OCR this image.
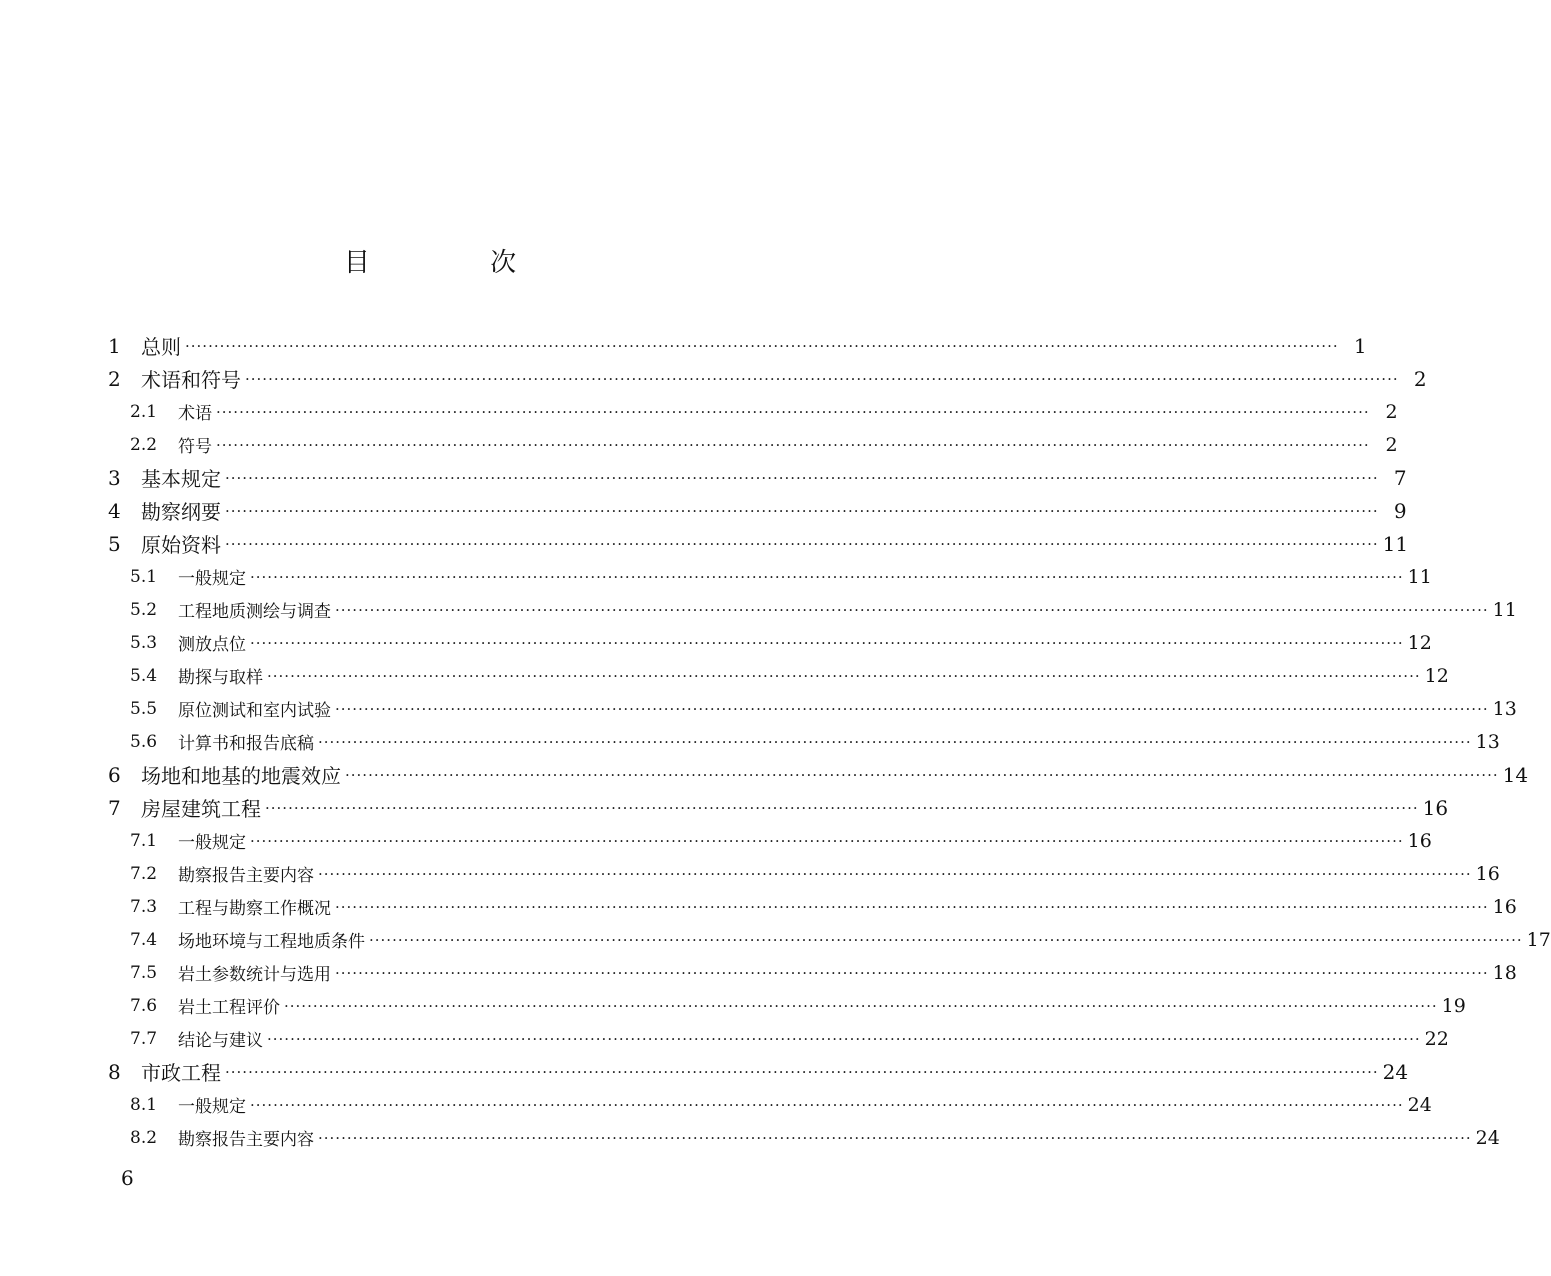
目 次
1	总则 ········································································································································································································ 1
2	术语和符号 ········································································································································································································ 2
2.1	术语 ········································································································································································································ 2
2.2	符号 ········································································································································································································ 2
3	基本规定 ········································································································································································································ 7
4	勘察纲要 ········································································································································································································ 9
5	原始资料 ········································································································································································································ 11
5.1	一般规定 ········································································································································································································ 11
5.2	工程地质测绘与调查 ········································································································································································································ 11
5.3	测放点位 ········································································································································································································ 12
5.4	勘探与取样 ········································································································································································································ 12
5.5	原位测试和室内试验 ········································································································································································································ 13
5.6	计算书和报告底稿 ········································································································································································································ 13
6	场地和地基的地震效应 ········································································································································································································ 14
7	房屋建筑工程 ········································································································································································································ 16
7.1	一般规定 ········································································································································································································ 16
7.2	勘察报告主要内容 ········································································································································································································ 16
7.3	工程与勘察工作概况 ········································································································································································································ 16
7.4	场地环境与工程地质条件 ········································································································································································································ 17
7.5	岩土参数统计与选用 ········································································································································································································ 18
7.6	岩土工程评价 ········································································································································································································ 19
7.7	结论与建议 ········································································································································································································ 22
8	市政工程 ········································································································································································································ 24
8.1	一般规定 ········································································································································································································ 24
8.2	勘察报告主要内容 ········································································································································································································ 24
6
